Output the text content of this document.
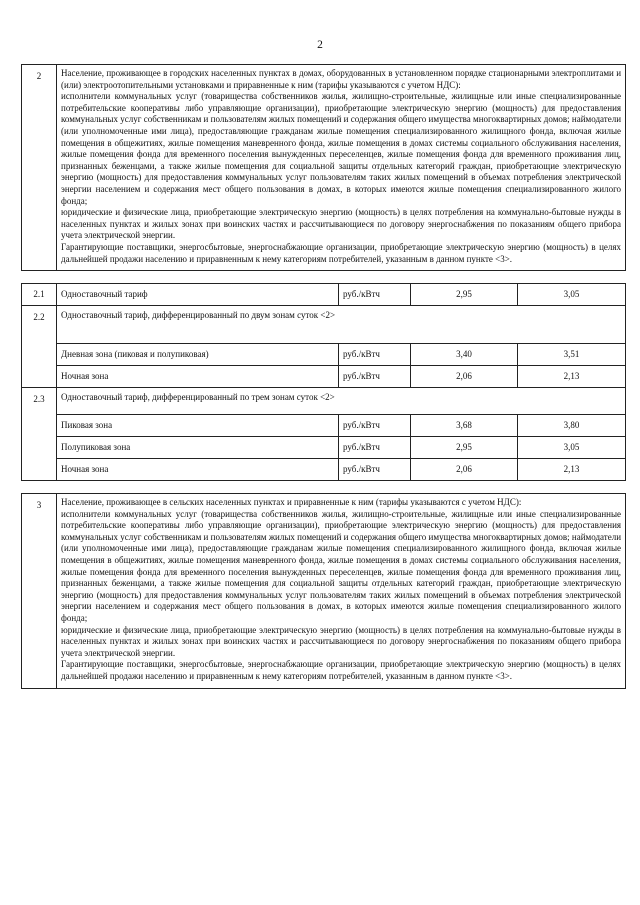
2
2	Население, проживающее в городских населенных пунктах в домах, оборудованных в установленном порядке стационарными электроплитами и (или) электроотопительными установками и приравненные к ним (тарифы указываются с учетом НДС):

исполнители коммунальных услуг (товарищества собственников жилья, жилищно-строительные, жилищные или иные специализированные потребительские кооперативы либо управляющие организации), приобретающие электрическую энергию (мощность) для предоставления коммунальных услуг собственникам и пользователям жилых помещений и содержания общего имущества многоквартирных домов; наймодатели (или уполномоченные ими лица), предоставляющие гражданам жилые помещения специализированного жилищного фонда, включая жилые помещения в общежитиях, жилые помещения маневренного фонда, жилые помещения в домах системы социального обслуживания населения, жилые помещения фонда для временного поселения вынужденных переселенцев, жилые помещения фонда для временного проживания лиц, признанных беженцами, а также жилые помещения для социальной защиты отдельных категорий граждан, приобретающие электрическую энергию (мощность) для предоставления коммунальных услуг пользователям таких жилых помещений в объемах потребления электрической энергии населением и содержания мест общего пользования в домах, в которых имеются жилые помещения специализированного жилого фонда;

юридические и физические лица, приобретающие электрическую энергию (мощность) в целях потребления на коммунально-бытовые нужды в населенных пунктах и жилых зонах при воинских частях и рассчитывающиеся по договору энергоснабжения по показаниям общего прибора учета электрической энергии.

Гарантирующие поставщики, энергосбытовые, энергоснабжающие организации, приобретающие электрическую энергию (мощность) в целях дальнейшей продажи населению и приравненным к нему категориям потребителей, указанным в данном пункте <3>.			

2.1	Одноставочный тариф	руб./кВтч	2,95	3,05
2.2	Одноставочный тариф, дифференцированный по двум зонам суток <2>			
	Дневная зона (пиковая и полупиковая)	руб./кВтч	3,40	3,51
	Ночная зона	руб./кВтч	2,06	2,13
2.3	Одноставочный тариф, дифференцированный по трем зонам суток <2>			
	Пиковая зона	руб./кВтч	3,68	3,80
	Полупиковая зона	руб./кВтч	2,95	3,05
	Ночная зона	руб./кВтч	2,06	2,13

3	Население, проживающее в сельских населенных пунктах и приравненные к ним (тарифы указываются с учетом НДС):

исполнители коммунальных услуг (товарищества собственников жилья, жилищно-строительные, жилищные или иные специализированные потребительские кооперативы либо управляющие организации), приобретающие электрическую энергию (мощность) для предоставления коммунальных услуг собственникам и пользователям жилых помещений и содержания общего имущества многоквартирных домов; наймодатели (или уполномоченные ими лица), предоставляющие гражданам жилые помещения специализированного жилищного фонда, включая жилые помещения в общежитиях, жилые помещения маневренного фонда, жилые помещения в домах системы социального обслуживания населения, жилые помещения фонда для временного поселения вынужденных переселенцев, жилые помещения фонда для временного проживания лиц, признанных беженцами, а также жилые помещения для социальной защиты отдельных категорий граждан, приобретающие электрическую энергию (мощность) для предоставления коммунальных услуг пользователям таких жилых помещений в объемах потребления электрической энергии населением и содержания мест общего пользования в домах, в которых имеются жилые помещения специализированного жилого фонда;

юридические и физические лица, приобретающие электрическую энергию (мощность) в целях потребления на коммунально-бытовые нужды в населенных пунктах и жилых зонах при воинских частях и рассчитывающиеся по договору энергоснабжения по показаниям общего прибора учета электрической энергии.

Гарантирующие поставщики, энергосбытовые, энергоснабжающие организации, приобретающие электрическую энергию (мощность) в целях дальнейшей продажи населению и приравненным к нему категориям потребителей, указанным в данном пункте <3>.			
